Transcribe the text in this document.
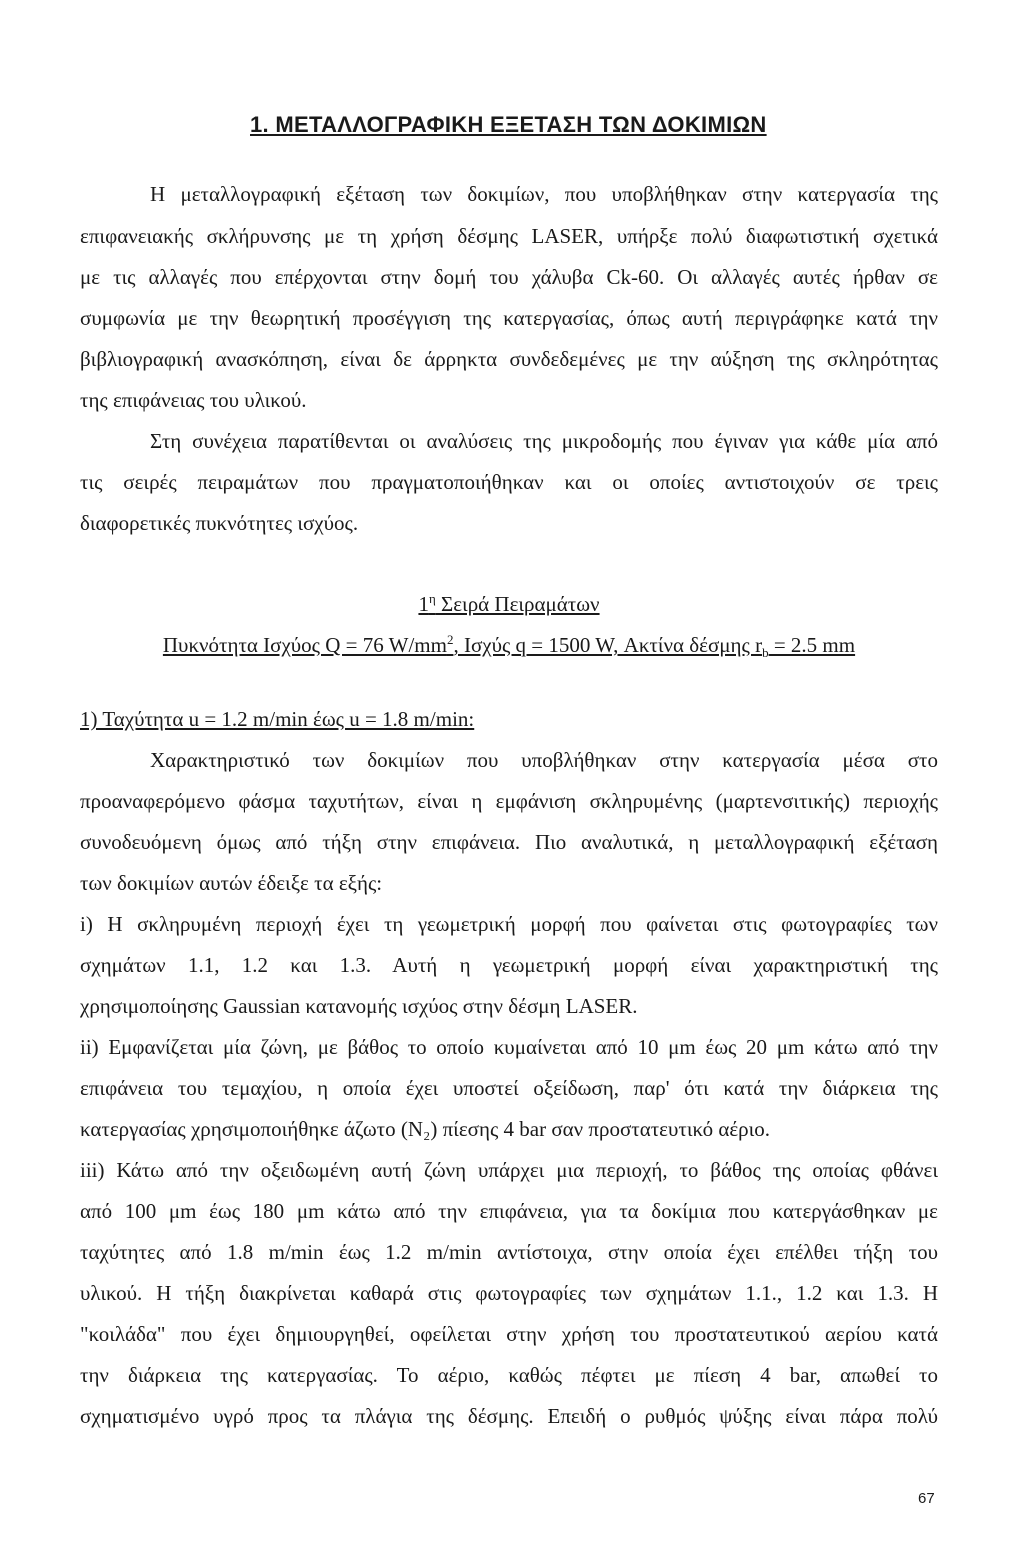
1. ΜΕΤΑΛΛΟΓΡΑΦΙΚΗ ΕΞΕΤΑΣΗ ΤΩΝ ΔΟΚΙΜΙΩΝ
Η μεταλλογραφική εξέταση των δοκιμίων, που υποβλήθηκαν στην κατεργασία της
επιφανειακής σκλήρυνσης με τη χρήση δέσμης LASER, υπήρξε πολύ διαφωτιστική σχετικά
με τις αλλαγές που επέρχονται στην δομή του χάλυβα Ck-60. Οι αλλαγές αυτές ήρθαν σε
συμφωνία με την θεωρητική προσέγγιση της κατεργασίας, όπως αυτή περιγράφηκε κατά την
βιβλιογραφική ανασκόπηση, είναι δε άρρηκτα συνδεδεμένες με την αύξηση της σκληρότητας
της επιφάνειας του υλικού.
Στη συνέχεια παρατίθενται οι αναλύσεις της μικροδομής που έγιναν για κάθε μία από
τις σειρές πειραμάτων που πραγματοποιήθηκαν και οι οποίες αντιστοιχούν σε τρεις
διαφορετικές πυκνότητες ισχύος.
$1^\eta$ Σειρά Πειραμάτων
Πυκνότητα Ισχύος Q = 76 $W/mm^2$, Ισχύς q = 1500 W, Ακτίνα δέσμης $r_b = 2.5$ mm
1) Ταχύτητα u = 1.2 m/min έως u = 1.8 m/min:
Χαρακτηριστικό των δοκιμίων που υποβλήθηκαν στην κατεργασία μέσα στο
προαναφερόμενο φάσμα ταχυτήτων, είναι η εμφάνιση σκληρυμένης (μαρτενσιτικής) περιοχής
συνοδευόμενη όμως από τήξη στην επιφάνεια. Πιο αναλυτικά, η μεταλλογραφική εξέταση
των δοκιμίων αυτών έδειξε τα εξής:
i) Η σκληρυμένη περιοχή έχει τη γεωμετρική μορφή που φαίνεται στις φωτογραφίες των
σχημάτων 1.1, 1.2 και 1.3. Αυτή η γεωμετρική μορφή είναι χαρακτηριστική της
χρησιμοποίησης Gaussian κατανομής ισχύος στην δέσμη LASER.
ii) Εμφανίζεται μία ζώνη, με βάθος το οποίο κυμαίνεται από 10 μm έως 20 μm κάτω από την
επιφάνεια του τεμαχίου, η οποία έχει υποστεί οξείδωση, παρ' ότι κατά την διάρκεια της
κατεργασίας χρησιμοποιήθηκε άζωτο (N₂) πίεσης 4 bar σαν προστατευτικό αέριο.
iii) Κάτω από την οξειδωμένη αυτή ζώνη υπάρχει μια περιοχή, το βάθος της οποίας φθάνει
από 100 μm έως 180 μm κάτω από την επιφάνεια, για τα δοκίμια που κατεργάσθηκαν με
ταχύτητες από 1.8 m/min έως 1.2 m/min αντίστοιχα, στην οποία έχει επέλθει τήξη του
υλικού. Η τήξη διακρίνεται καθαρά στις φωτογραφίες των σχημάτων 1.1., 1.2 και 1.3. Η
"κοιλάδα" που έχει δημιουργηθεί, οφείλεται στην χρήση του προστατευτικού αερίου κατά
την διάρκεια της κατεργασίας. Το αέριο, καθώς πέφτει με πίεση 4 bar, απωθεί το
σχηματισμένο υγρό προς τα πλάγια της δέσμης. Επειδή ο ρυθμός ψύξης είναι πάρα πολύ
67
